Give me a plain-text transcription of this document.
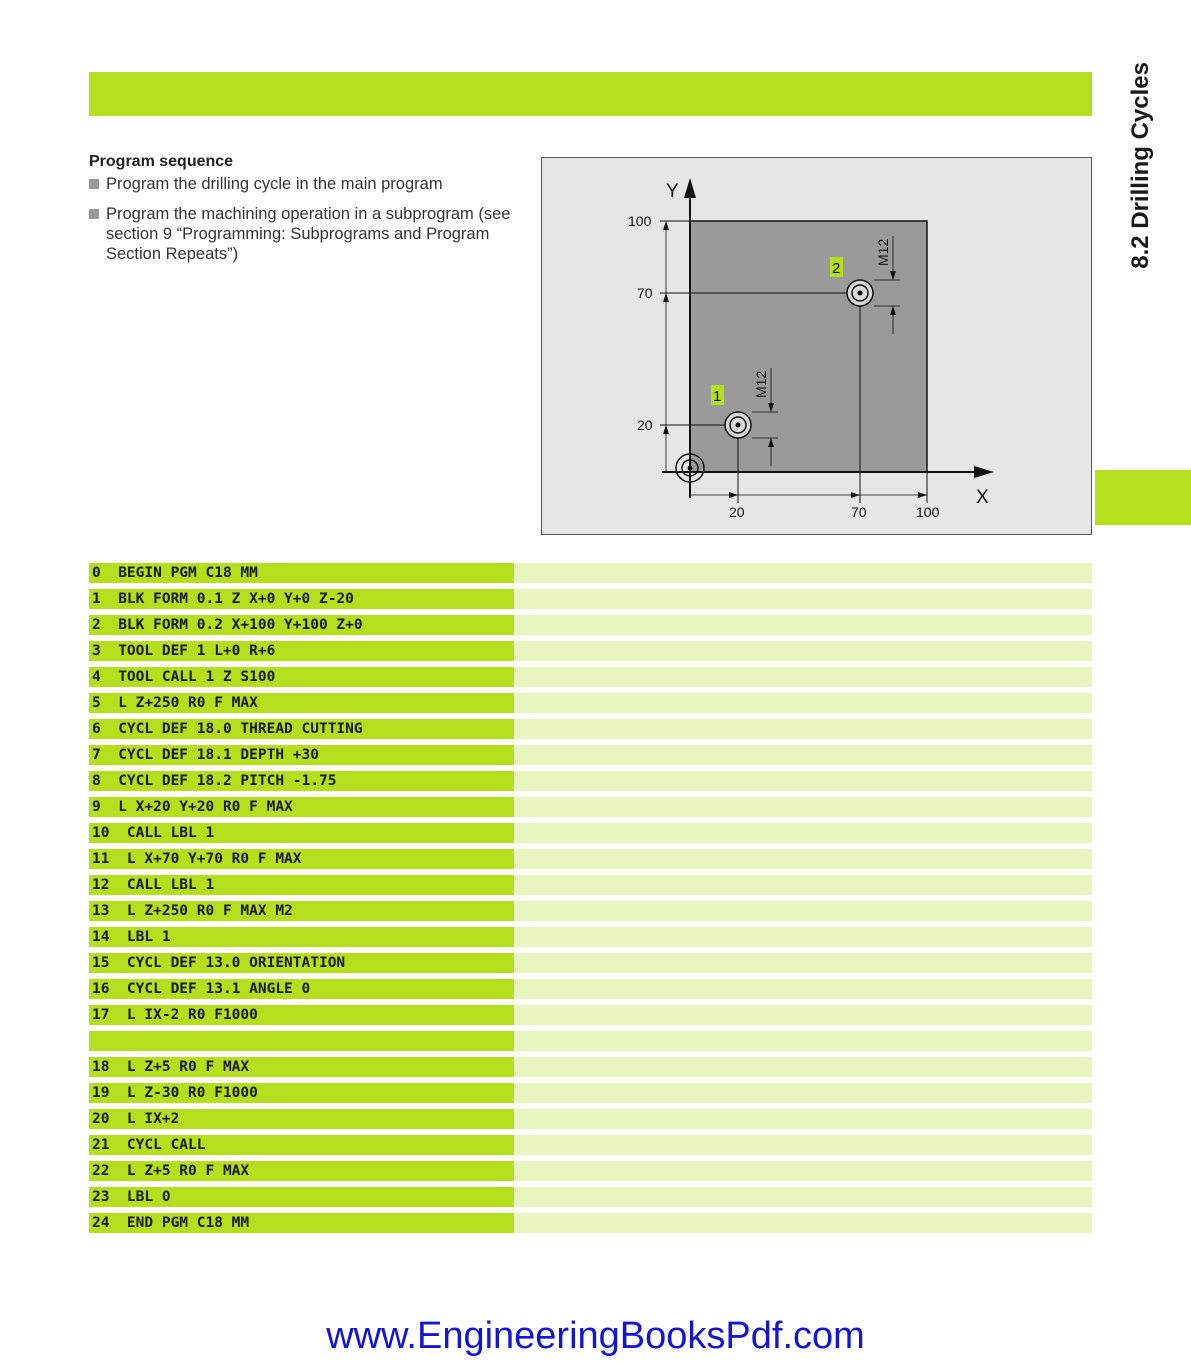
8.2 Drilling Cycles
Program sequence
Program the drilling cycle in the main program
Program the machining operation in a subprogram (see section 9 “Programming: Subprograms and Program Section Repeats”)
X
Y
100
70
20
20	70	100
M12
1
M12
2
0  BEGIN PGM C18 MM
1  BLK FORM 0.1 Z X+0 Y+0 Z-20
2  BLK FORM 0.2 X+100 Y+100 Z+0
3  TOOL DEF 1 L+0 R+6
4  TOOL CALL 1 Z S100
5  L Z+250 R0 F MAX
6  CYCL DEF 18.0 THREAD CUTTING
7  CYCL DEF 18.1 DEPTH +30
8  CYCL DEF 18.2 PITCH -1.75
9  L X+20 Y+20 R0 F MAX
10  CALL LBL 1
11  L X+70 Y+70 R0 F MAX
12  CALL LBL 1
13  L Z+250 R0 F MAX M2
14  LBL 1
15  CYCL DEF 13.0 ORIENTATION
16  CYCL DEF 13.1 ANGLE 0
17  L IX-2 R0 F1000
18  L Z+5 R0 F MAX
19  L Z-30 R0 F1000
20  L IX+2
21  CYCL CALL
22  L Z+5 R0 F MAX
23  LBL 0
24  END PGM C18 MM
www.EngineeringBooksPdf.com
